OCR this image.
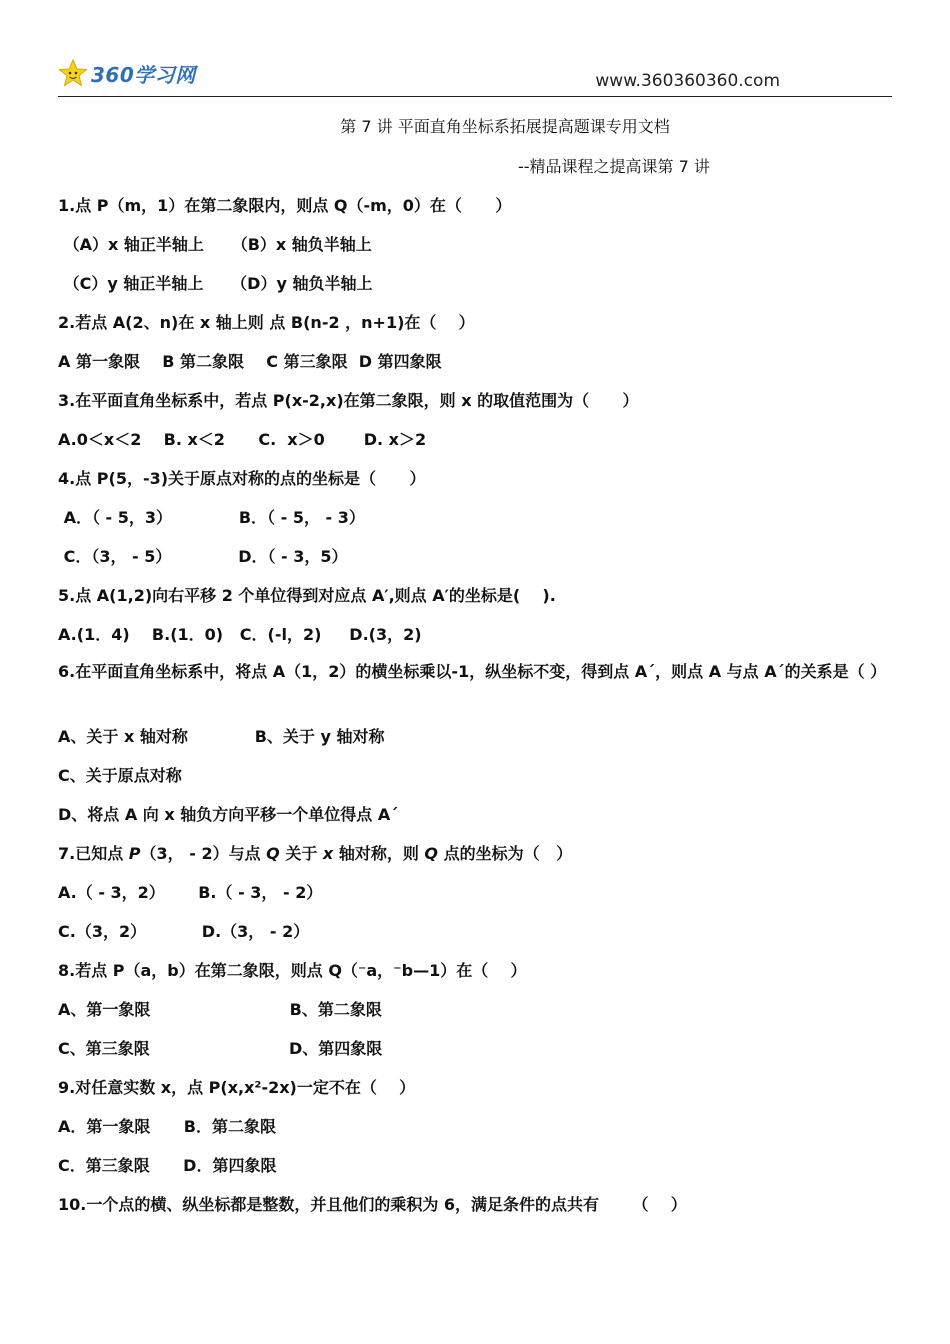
360学习网	www.360360360.com
第 7 讲 平面直角坐标系拓展提高题课专用文档
--精品课程之提高课第 7 讲
1.点 P（m，1）在第二象限内，则点 Q（-m，0）在（      ）
（A）x 轴正半轴上     （B）x 轴负半轴上
（C）y 轴正半轴上     （D）y 轴负半轴上
2.若点 A(2、n)在 x 轴上则 点 B(n-2 ，n+1)在（    ）
A 第一象限    B 第二象限    C 第三象限  D 第四象限
3.在平面直角坐标系中，若点 P(x-2,x)在第二象限，则 x 的取值范围为（      ）
A.0＜x＜2    B. x＜2      C.  x＞0       D. x＞2
4.点 P(5，-3)关于原点对称的点的坐标是（      ）
A．（ - 5，3）            B．（ - 5， - 3）
C．（3， - 5）            D．（ - 3，5）
5.点 A(1,2)向右平移 2 个单位得到对应点 A′,则点 A′的坐标是(    ).
A.(1．4)    B.(1．0)   C．(-l，2)     D.(3，2)
6.在平面直角坐标系中，将点 A（1，2）的横坐标乘以-1，纵坐标不变，得到点 A´，则点 A 与点 A´的关系是（ ）
A、关于 x 轴对称            B、关于 y 轴对称
C、关于原点对称
D、将点 A 向 x 轴负方向平移一个单位得点 A´
7.已知点 P（3， - 2）与点 Q 关于 x 轴对称，则 Q 点的坐标为（   ）
A.（ - 3，2）      B.（ - 3， - 2）
C.（3，2）          D.（3， - 2）
8.若点 P（a，b）在第二象限，则点 Q（⁻a，⁻b—1）在（    ）
A、第一象限                         B、第二象限
C、第三象限                         D、第四象限
9.对任意实数 x，点 P(x,x²-2x)一定不在（    ）
A．第一象限      B．第二象限
C．第三象限      D．第四象限
10.一个点的横、纵坐标都是整数，并且他们的乘积为 6，满足条件的点共有      （    ）
